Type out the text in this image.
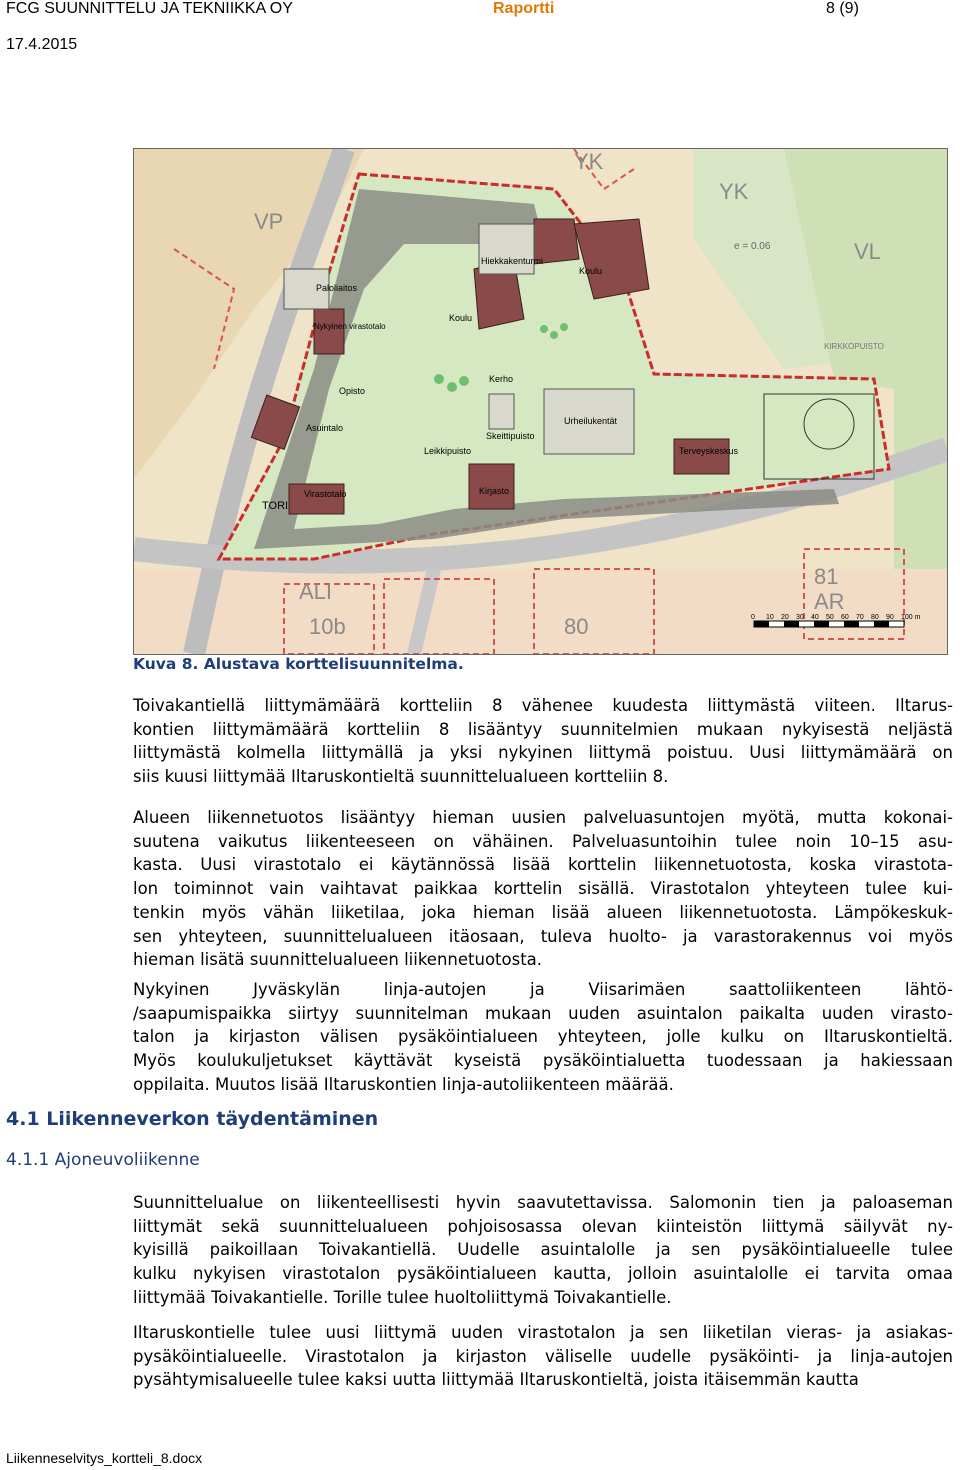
FCG SUUNNITTELU JA TEKNIIKKA OY	Raportti	8 (9)
17.4.2015
Hiekkakenturmi
Koulu
Koulu
Paloliaitos
Nykyinen virastotalo
Opisto
Kerho
Asuintalo
Urheilukentät
Skeittipuisto
Leikkipuisto	Terveyskeskus
Virastotalo	Kirjasto
TORI
KIRKKOPUISTO
e = 0.06
YK
YK
VP
VL
81
AR
80
10b
ALI
0 10 20 30 40 50 60 70 80 90 100 m
Kuva 8. Alustava korttelisuunnitelma.
Toivakantiellä liittymämäärä kortteliin 8 vähenee kuudesta liittymästä viiteen. Iltarus-
kontien liittymämäärä kortteliin 8 lisääntyy suunnitelmien mukaan nykyisestä neljästä
liittymästä kolmella liittymällä ja yksi nykyinen liittymä poistuu. Uusi liittymämäärä on
siis kuusi liittymää Iltaruskontieltä suunnittelualueen kortteliin 8.
Alueen liikennetuotos lisääntyy hieman uusien palveluasuntojen myötä, mutta kokonai-
suutena vaikutus liikenteeseen on vähäinen. Palveluasuntoihin tulee noin 10–15 asu-
kasta. Uusi virastotalo ei käytännössä lisää korttelin liikennetuotosta, koska virastota-
lon toiminnot vain vaihtavat paikkaa korttelin sisällä. Virastotalon yhteyteen tulee kui-
tenkin myös vähän liiketilaa, joka hieman lisää alueen liikennetuotosta. Lämpökeskuk-
sen yhteyteen, suunnittelualueen itäosaan, tuleva huolto- ja varastorakennus voi myös
hieman lisätä suunnittelualueen liikennetuotosta.
Nykyinen Jyväskylän linja-autojen ja Viisarimäen saattoliikenteen lähtö-
/saapumispaikka siirtyy suunnitelman mukaan uuden asuintalon paikalta uuden virasto-
talon ja kirjaston välisen pysäköintialueen yhteyteen, jolle kulku on Iltaruskontieltä.
Myös koulukuljetukset käyttävät kyseistä pysäköintialuetta tuodessaan ja hakiessaan
oppilaita. Muutos lisää Iltaruskontien linja-autoliikenteen määrää.
4.1 Liikenneverkon täydentäminen
4.1.1 Ajoneuvoliikenne
Suunnittelualue on liikenteellisesti hyvin saavutettavissa. Salomonin tien ja paloaseman
liittymät sekä suunnittelualueen pohjoisosassa olevan kiinteistön liittymä säilyvät ny-
kyisillä paikoillaan Toivakantiellä. Uudelle asuintalolle ja sen pysäköintialueelle tulee
kulku nykyisen virastotalon pysäköintialueen kautta, jolloin asuintalolle ei tarvita omaa
liittymää Toivakantielle. Torille tulee huoltoliittymä Toivakantielle.
Iltaruskontielle tulee uusi liittymä uuden virastotalon ja sen liiketilan vieras- ja asiakas-
pysäköintialueelle. Virastotalon ja kirjaston väliselle uudelle pysäköinti- ja linja-autojen
pysähtymisalueelle tulee kaksi uutta liittymää Iltaruskontieltä, joista itäisemmän kautta
Liikenneselvitys_kortteli_8.docx
